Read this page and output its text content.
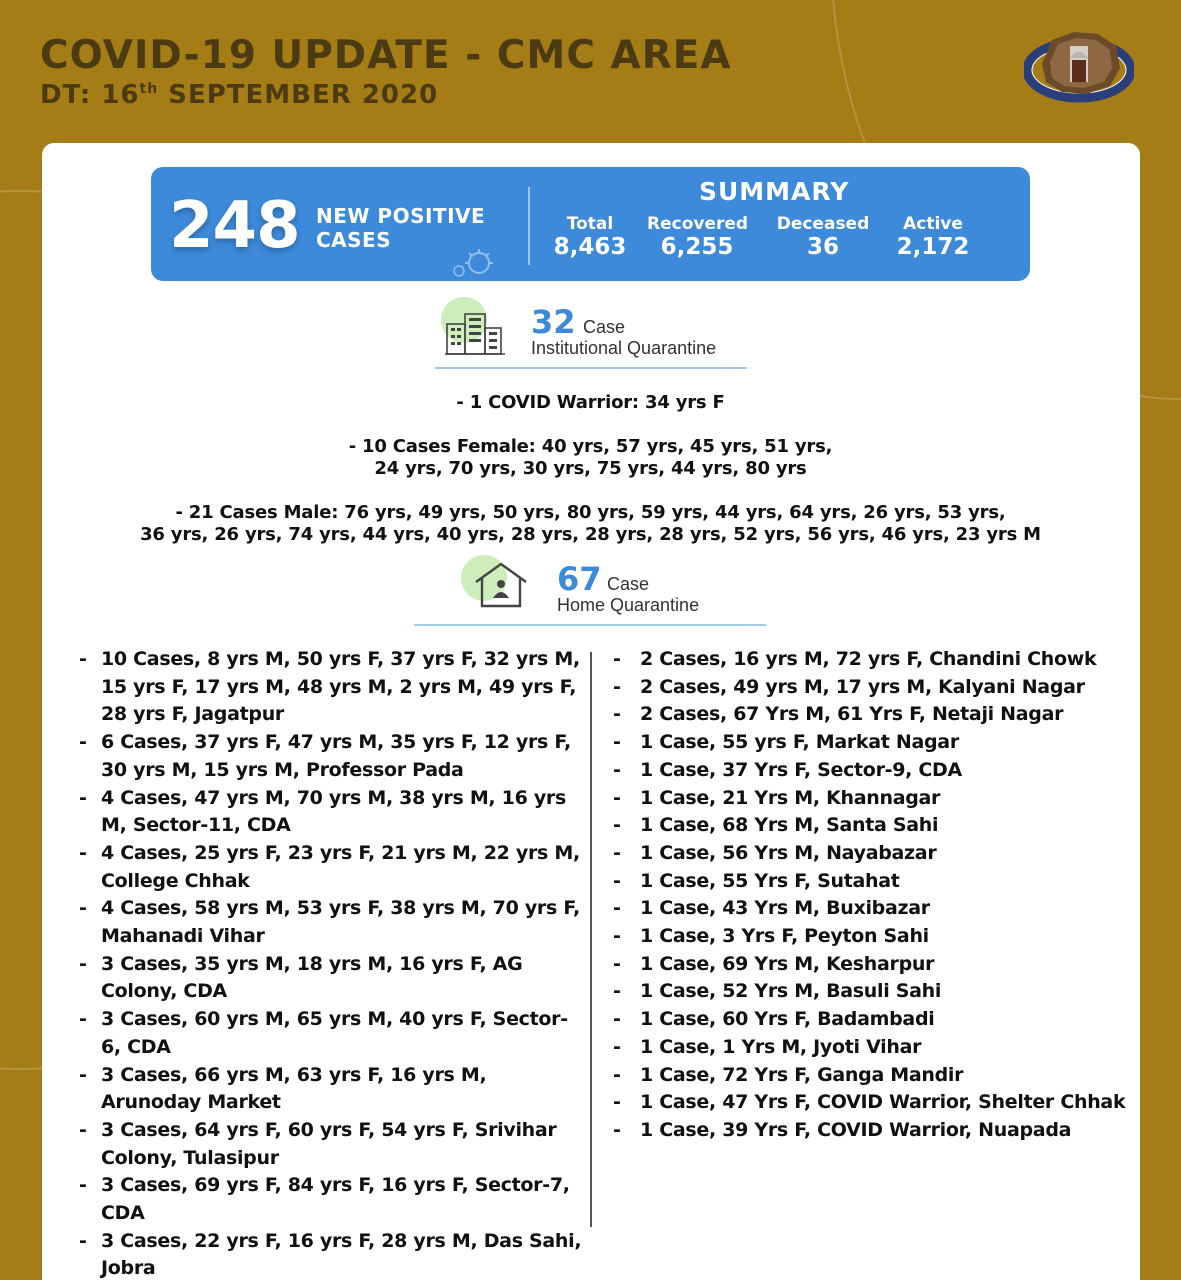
COVID-19 UPDATE - CMC AREA
DT: 16th SEPTEMBER 2020
248 NEW POSITIVE
CASES
SUMMARY
Total
8,463
Recovered
6,255
Deceased
36
Active
2,172
32 Case
Institutional Quarantine
- 1 COVID Warrior: 34 yrs F
- 10 Cases Female: 40 yrs, 57 yrs, 45 yrs, 51 yrs,
24 yrs, 70 yrs, 30 yrs, 75 yrs, 44 yrs, 80 yrs
- 21 Cases Male: 76 yrs, 49 yrs, 50 yrs, 80 yrs, 59 yrs, 44 yrs, 64 yrs, 26 yrs, 53 yrs,
36 yrs, 26 yrs, 74 yrs, 44 yrs, 40 yrs, 28 yrs, 28 yrs, 28 yrs, 52 yrs, 56 yrs, 46 yrs, 23 yrs M
67 Case
Home Quarantine
- 10 Cases, 8 yrs M, 50 yrs F, 37 yrs F, 32 yrs M, 15 yrs F, 17 yrs M, 48 yrs M, 2 yrs M, 49 yrs F, 28 yrs F, Jagatpur
- 6 Cases, 37 yrs F, 47 yrs M, 35 yrs F, 12 yrs F, 30 yrs M, 15 yrs M, Professor Pada
- 4 Cases, 47 yrs M, 70 yrs M, 38 yrs M, 16 yrs M, Sector-11, CDA
- 4 Cases, 25 yrs F, 23 yrs F, 21 yrs M, 22 yrs M, College Chhak
- 4 Cases, 58 yrs M, 53 yrs F, 38 yrs M, 70 yrs F, Mahanadi Vihar
- 3 Cases, 35 yrs M, 18 yrs M, 16 yrs F, AG Colony, CDA
- 3 Cases, 60 yrs M, 65 yrs M, 40 yrs F, Sector-6, CDA
- 3 Cases, 66 yrs M, 63 yrs F, 16 yrs M, Arunoday Market
- 3 Cases, 64 yrs F, 60 yrs F, 54 yrs F, Srivihar Colony, Tulasipur
- 3 Cases, 69 yrs F, 84 yrs F, 16 yrs F, Sector-7, CDA
- 3 Cases, 22 yrs F, 16 yrs F, 28 yrs M, Das Sahi, Jobra
- 2 Cases, 16 yrs M, 72 yrs F, Chandini Chowk
- 2 Cases, 49 yrs M, 17 yrs M, Kalyani Nagar
- 2 Cases, 67 Yrs M, 61 Yrs F, Netaji Nagar
- 1 Case, 55 yrs F, Markat Nagar
- 1 Case, 37 Yrs F, Sector-9, CDA
- 1 Case, 21 Yrs M, Khannagar
- 1 Case, 68 Yrs M, Santa Sahi
- 1 Case, 56 Yrs M, Nayabazar
- 1 Case, 55 Yrs F, Sutahat
- 1 Case, 43 Yrs M, Buxibazar
- 1 Case, 3 Yrs F, Peyton Sahi
- 1 Case, 69 Yrs M, Kesharpur
- 1 Case, 52 Yrs M, Basuli Sahi
- 1 Case, 60 Yrs F, Badambadi
- 1 Case, 1 Yrs M, Jyoti Vihar
- 1 Case, 72 Yrs F, Ganga Mandir
- 1 Case, 47 Yrs F, COVID Warrior, Shelter Chhak
- 1 Case, 39 Yrs F, COVID Warrior, Nuapada
